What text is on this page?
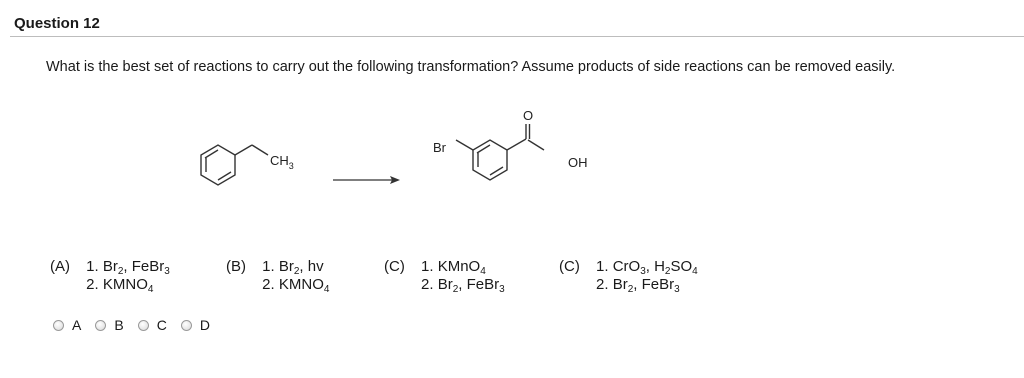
Question 12
What is the best set of reactions to carry out the following transformation? Assume products of side reactions can be removed easily.
$CH_3$
Br
O
OH
(A) 1. $Br_2$, FeBr$_3$
2. $KMNO_4$
(B) 1. $Br_2$, hv
2. $KMNO_4$
(C) 1. KMnO$_4$
2. $Br_2$, FeBr$_3$
(C) 1. CrO$_3$, $H_2SO_4$
2. $Br_2$, FeBr$_3$
A B C D
